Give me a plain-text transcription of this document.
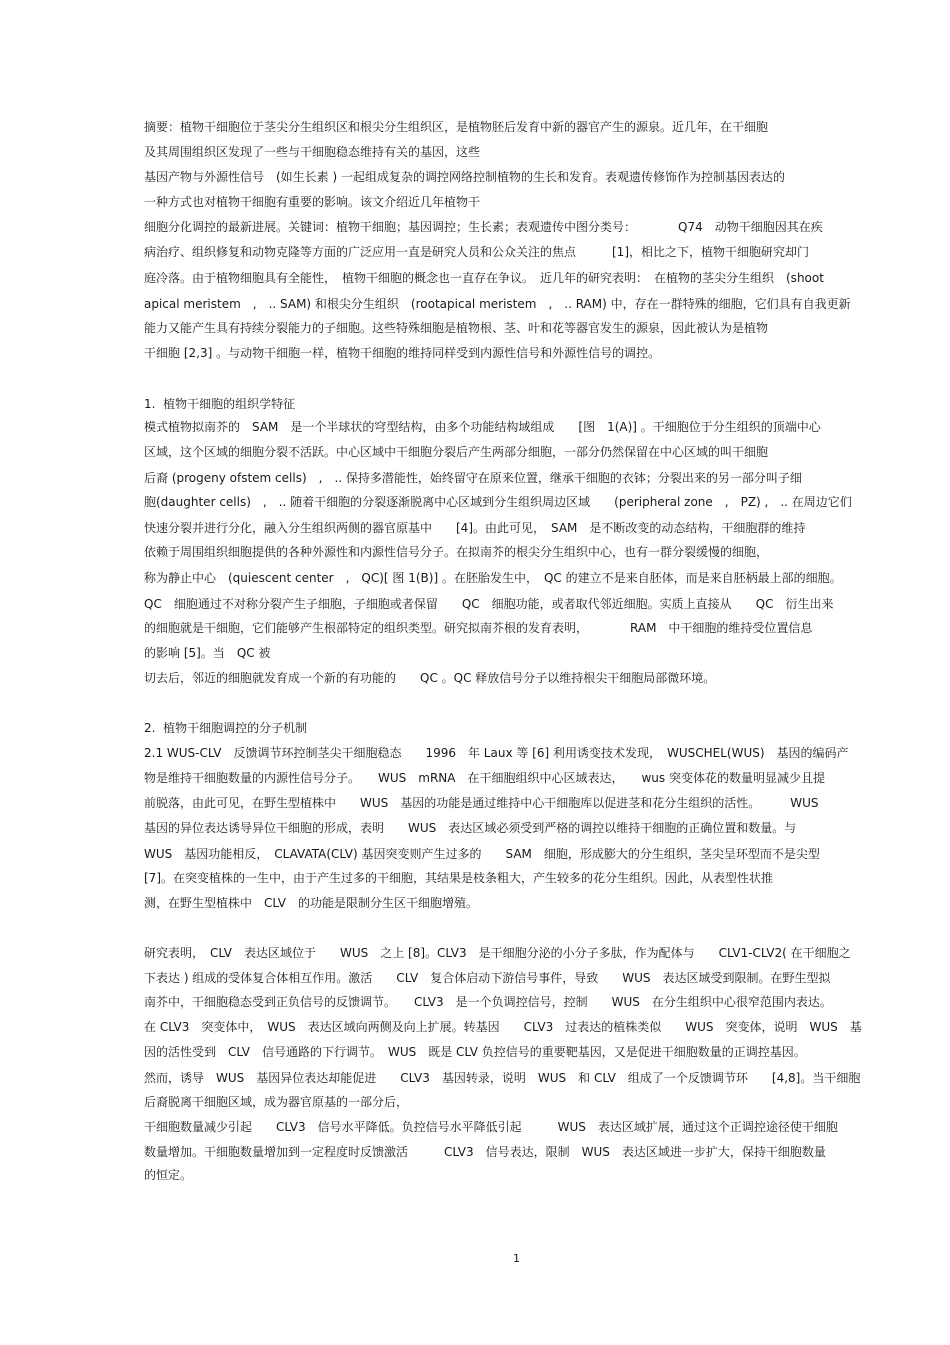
摘要：植物干细胞位于茎尖分生组织区和根尖分生组织区，是植物胚后发育中新的器官产生的源泉。近几年，在干细胞
及其周围组织区发现了一些与干细胞稳态维持有关的基因，这些
基因产物与外源性信号　(如生长素 ) 一起组成复杂的调控网络控制植物的生长和发育。表观遗传修饰作为控制基因表达的
一种方式也对植物干细胞有重要的影响。该文介绍近几年植物干
细胞分化调控的最新进展。关键词：植物干细胞；基因调控；生长素；表观遗传中图分类号：　　　　Q74　动物干细胞因其在疾
病治疗、组织修复和动物克隆等方面的广泛应用一直是研究人员和公众关注的焦点　　　[1]，相比之下，植物干细胞研究却门
庭冷落。由于植物细胞具有全能性，　植物干细胞的概念也一直存在争议。　近几年的研究表明：　在植物的茎尖分生组织　(shoot
apical meristem　,　.. SAM) 和根尖分生组织　(rootapical meristem　,　.. RAM) 中，存在一群特殊的细胞，它们具有自我更新
能力又能产生具有持续分裂能力的子细胞。这些特殊细胞是植物根、茎、叶和花等器官发生的源泉，因此被认为是植物
干细胞 [2,3] 。与动物干细胞一样，植物干细胞的维持同样受到内源性信号和外源性信号的调控。
1.  植物干细胞的组织学特征
模式植物拟南芥的　SAM　是一个半球状的穹型结构，由多个功能结构域组成　　[图　1(A)] 。干细胞位于分生组织的顶端中心
区域，这个区域的细胞分裂不活跃。中心区域中干细胞分裂后产生两部分细胞，一部分仍然保留在中心区域的叫干细胞
后裔 (progeny ofstem cells)　,　.. 保持多潜能性，始终留守在原来位置，继承干细胞的衣钵；分裂出来的另一部分叫子细
胞(daughter cells)　,　.. 随着干细胞的分裂逐渐脱离中心区域到分生组织周边区域　　(peripheral zone　,　PZ) ,　.. 在周边它们
快速分裂并进行分化，融入分生组织两侧的器官原基中　　[4]。由此可见，　SAM　是不断改变的动态结构，干细胞群的维持
依赖于周围组织细胞提供的各种外源性和内源性信号分子。在拟南芥的根尖分生组织中心，也有一群分裂缓慢的细胞，
称为静止中心　(quiescent center　,　QC)[ 图 1(B)] 。在胚胎发生中，　QC 的建立不是来自胚体，而是来自胚柄最上部的细胞。
QC　细胞通过不对称分裂产生子细胞，子细胞或者保留　　QC　细胞功能，或者取代邻近细胞。实质上直接从　　QC　衍生出来
的细胞就是干细胞，它们能够产生根部特定的组织类型。研究拟南芥根的发育表明，　　　　RAM　中干细胞的维持受位置信息
的影响 [5]。当　QC 被
切去后，邻近的细胞就发育成一个新的有功能的　　QC 。QC 释放信号分子以维持根尖干细胞局部微环境。
2.  植物干细胞调控的分子机制
2.1 WUS-CLV　反馈调节环控制茎尖干细胞稳态　　1996　年 Laux 等 [6] 利用诱变技术发现，　WUSCHEL(WUS)　基因的编码产
物是维持干细胞数量的内源性信号分子。　　WUS　mRNA　在干细胞组织中心区域表达，　　wus 突变体花的数量明显减少且提
前脱落，由此可见，在野生型植株中　　WUS　基因的功能是通过维持中心干细胞库以促进茎和花分生组织的活性。　　　WUS
基因的异位表达诱导异位干细胞的形成，表明　　WUS　表达区域必须受到严格的调控以维持干细胞的正确位置和数量。与
WUS　基因功能相反，　CLAVATA(CLV) 基因突变则产生过多的　　SAM　细胞，形成膨大的分生组织，茎尖呈环型而不是尖型
[7]。在突变植株的一生中，由于产生过多的干细胞，其结果是枝条粗大，产生较多的花分生组织。因此，从表型性状推
测，在野生型植株中　CLV　的功能是限制分生区干细胞增殖。
研究表明，　CLV　表达区域位于　　WUS　之上 [8]。CLV3　是干细胞分泌的小分子多肽，作为配体与　　CLV1-CLV2( 在干细胞之
下表达 ) 组成的受体复合体相互作用。激活　　CLV　复合体启动下游信号事件，导致　　WUS　表达区域受到限制。在野生型拟
南芥中，干细胞稳态受到正负信号的反馈调节。　　CLV3　是一个负调控信号，控制　　WUS　在分生组织中心很窄范围内表达。
在 CLV3　突变体中，　WUS　表达区域向两侧及向上扩展。转基因　　CLV3　过表达的植株类似　　WUS　突变体，说明　WUS　基
因的活性受到　CLV　信号通路的下行调节。　WUS　既是 CLV 负控信号的重要靶基因，又是促进干细胞数量的正调控基因。
然而，诱导　WUS　基因异位表达却能促进　　CLV3　基因转录，说明　WUS　和 CLV　组成了一个反馈调节环　　[4,8]。当干细胞
后裔脱离干细胞区域，成为器官原基的一部分后，
干细胞数量减少引起　　CLV3　信号水平降低。负控信号水平降低引起　　　WUS　表达区域扩展，通过这个正调控途径使干细胞
数量增加。干细胞数量增加到一定程度时反馈激活　　　CLV3　信号表达，限制　WUS　表达区域进一步扩大，保持干细胞数量
的恒定。
1
